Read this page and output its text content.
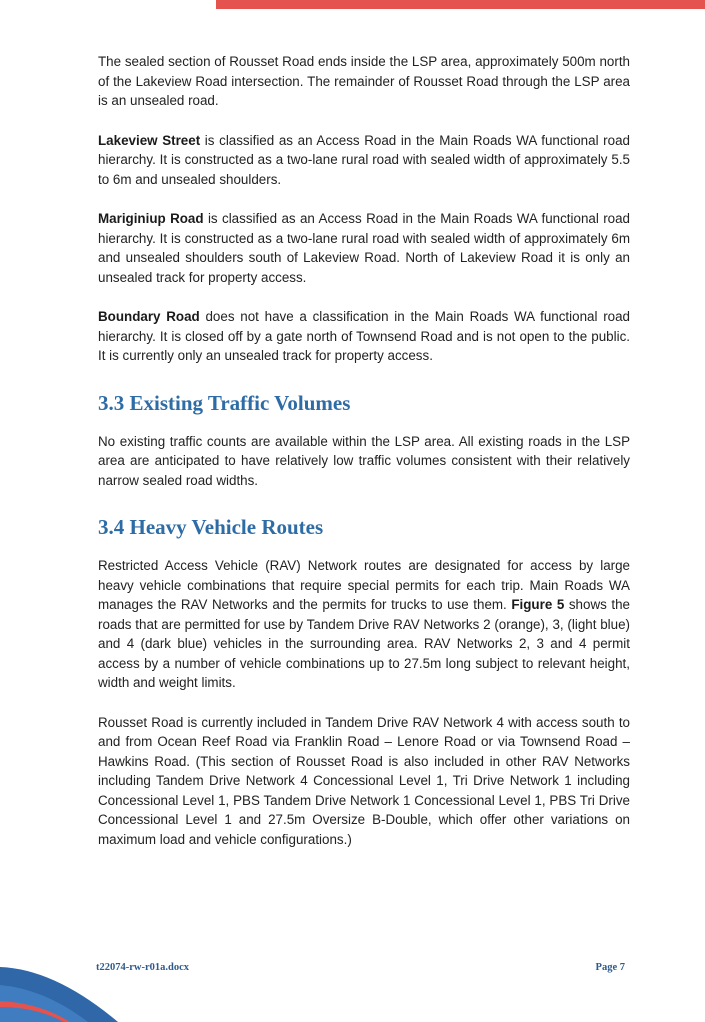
The sealed section of Rousset Road ends inside the LSP area, approximately 500m north of the Lakeview Road intersection. The remainder of Rousset Road through the LSP area is an unsealed road.

Lakeview Street is classified as an Access Road in the Main Roads WA functional road hierarchy. It is constructed as a two-lane rural road with sealed width of approximately 5.5 to 6m and unsealed shoulders.

Mariginiup Road is classified as an Access Road in the Main Roads WA functional road hierarchy. It is constructed as a two-lane rural road with sealed width of approximately 6m and unsealed shoulders south of Lakeview Road. North of Lakeview Road it is only an unsealed track for property access.

Boundary Road does not have a classification in the Main Roads WA functional road hierarchy. It is closed off by a gate north of Townsend Road and is not open to the public. It is currently only an unsealed track for property access.

3.3 Existing Traffic Volumes

No existing traffic counts are available within the LSP area. All existing roads in the LSP area are anticipated to have relatively low traffic volumes consistent with their relatively narrow sealed road widths.

3.4 Heavy Vehicle Routes

Restricted Access Vehicle (RAV) Network routes are designated for access by large heavy vehicle combinations that require special permits for each trip. Main Roads WA manages the RAV Networks and the permits for trucks to use them. Figure 5 shows the roads that are permitted for use by Tandem Drive RAV Networks 2 (orange), 3, (light blue) and 4 (dark blue) vehicles in the surrounding area. RAV Networks 2, 3 and 4 permit access by a number of vehicle combinations up to 27.5m long subject to relevant height, width and weight limits.

Rousset Road is currently included in Tandem Drive RAV Network 4 with access south to and from Ocean Reef Road via Franklin Road – Lenore Road or via Townsend Road – Hawkins Road. (This section of Rousset Road is also included in other RAV Networks including Tandem Drive Network 4 Concessional Level 1, Tri Drive Network 1 including Concessional Level 1, PBS Tandem Drive Network 1 Concessional Level 1, PBS Tri Drive Concessional Level 1 and 27.5m Oversize B-Double, which offer other variations on maximum load and vehicle configurations.)

t22074-rw-r01a.docx	Page 7
